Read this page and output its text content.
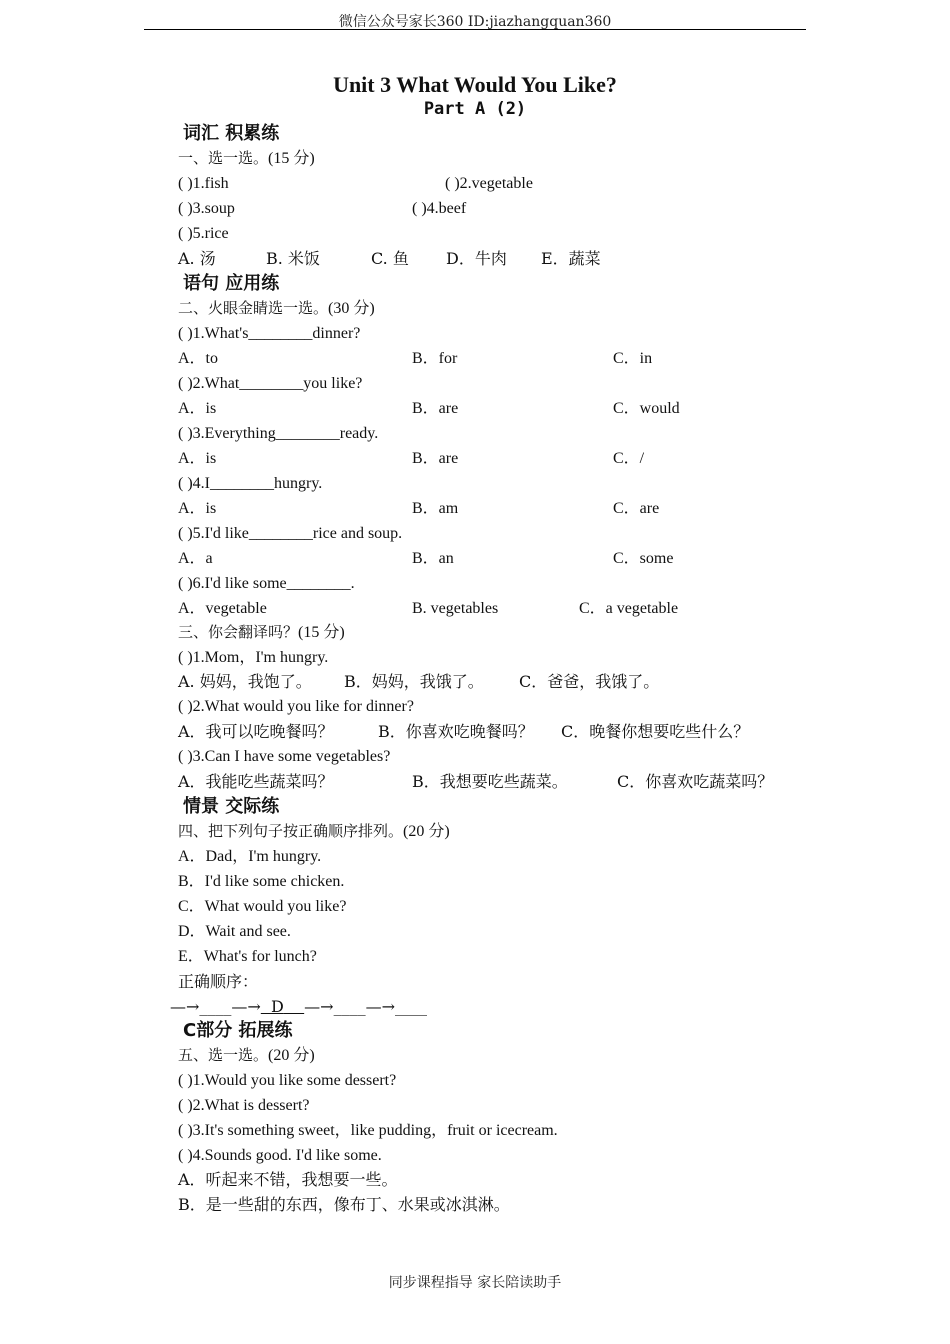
微信公众号家长360 ID:jiazhangquan360
Unit 3 What Would You Like?
Part A (2)
词汇 积累练
一、选一选。(15 分)
( )1.fish	( )2.vegetable
( )3.soup	( )4.beef
( )5.rice
A. 汤	B. 米饭	C. 鱼 D．牛肉 E．蔬菜
语句 应用练
二、火眼金睛选一选。(30 分)
( )1.What's________dinner?
A．to	B．for	C．in
( )2.What________you like?
A．is	B．are	C．would
( )3.Everything________ready.
A．is	B．are	C．/
( )4.I________hungry.
A．is	B．am	C．are
( )5.I'd like________rice and soup.
A．a	B．an	C．some
( )6.I'd like some________.
A．vegetable	B. vegetables	C．a vegetable
三、你会翻译吗？(15 分)
( )1.Mom，I'm hungry.
A. 妈妈，我饱了。 B．妈妈，我饿了。 C．爸爸，我饿了。
( )2.What would you like for dinner?
A．我可以吃晚餐吗？	B．你喜欢吃晚餐吗？ C．晚餐你想要吃些什么？
( )3.Can I have some vegetables?
A．我能吃些蔬菜吗？	B．我想要吃些蔬菜。	C．你喜欢吃蔬菜吗？
情景 交际练
四、把下列句子按正确顺序排列。(20 分)
A．Dad，I'm hungry.
B．I'd like some chicken.
C．What would you like?
D．Wait and see.
E．What's for lunch?
正确顺序：
—→____—→ D —→____—→____
C部分 拓展练
五、选一选。(20 分)
( )1.Would you like some dessert?
( )2.What is dessert?
( )3.It's something sweet，like pudding，fruit or icecream.
( )4.Sounds good. I'd like some.
A．听起来不错，我想要一些。
B．是一些甜的东西，像布丁、水果或冰淇淋。
同步课程指导 家长陪读助手
